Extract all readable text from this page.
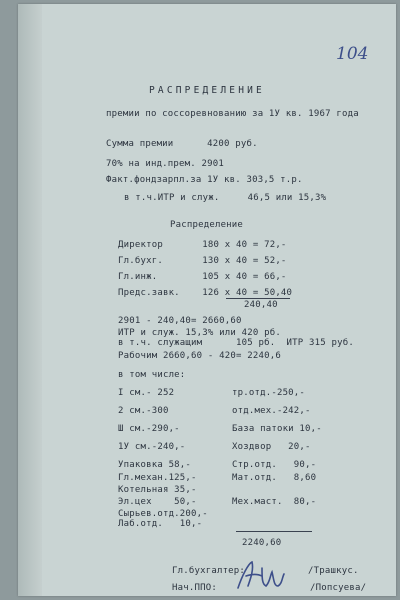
104
РАСПРЕДЕЛЕНИЕ
премии по соссоревнованию за 1У кв. 1967 года
Сумма премии      4200 руб.
70% на инд.прем. 2901
Факт.фондзарпл.за 1У кв. 303,5 т.р.
в т.ч.ИТР и служ.     46,5 или 15,3%
Распределение
Директор       180 х 40 = 72,-
Гл.бухг.       130 х 40 = 52,-
Гл.инж.        105 х 40 = 66,-
Предс.завк.    126 х 40 = 50,40
240,40
2901 - 240,40= 2660,60
ИТР и служ. 15,3% или 420 рб.
в т.ч. служащим      105 рб.  ИТР 315 руб.
Рабочим 2660,60 - 420= 2240,6
в том числе:
I см.- 252
2 см.-300
Ш см.-290,-
1У см.-240,-
Упаковка 58,-
Гл.механ.125,-
Котельная 35,-
Эл.цех    50,-
Сырьев.отд.200,-
Лаб.отд.   10,-
тр.отд.-250,-
отд.мех.-242,-
База патоки 10,-
Хоздвор   20,-
Стр.отд.   90,-
Мат.отд.   8,60
Мех.маст.  80,-
2240,60
Гл.бухгалтер:	/Трашкус.
Нач.ППО:	/Попсуева/
